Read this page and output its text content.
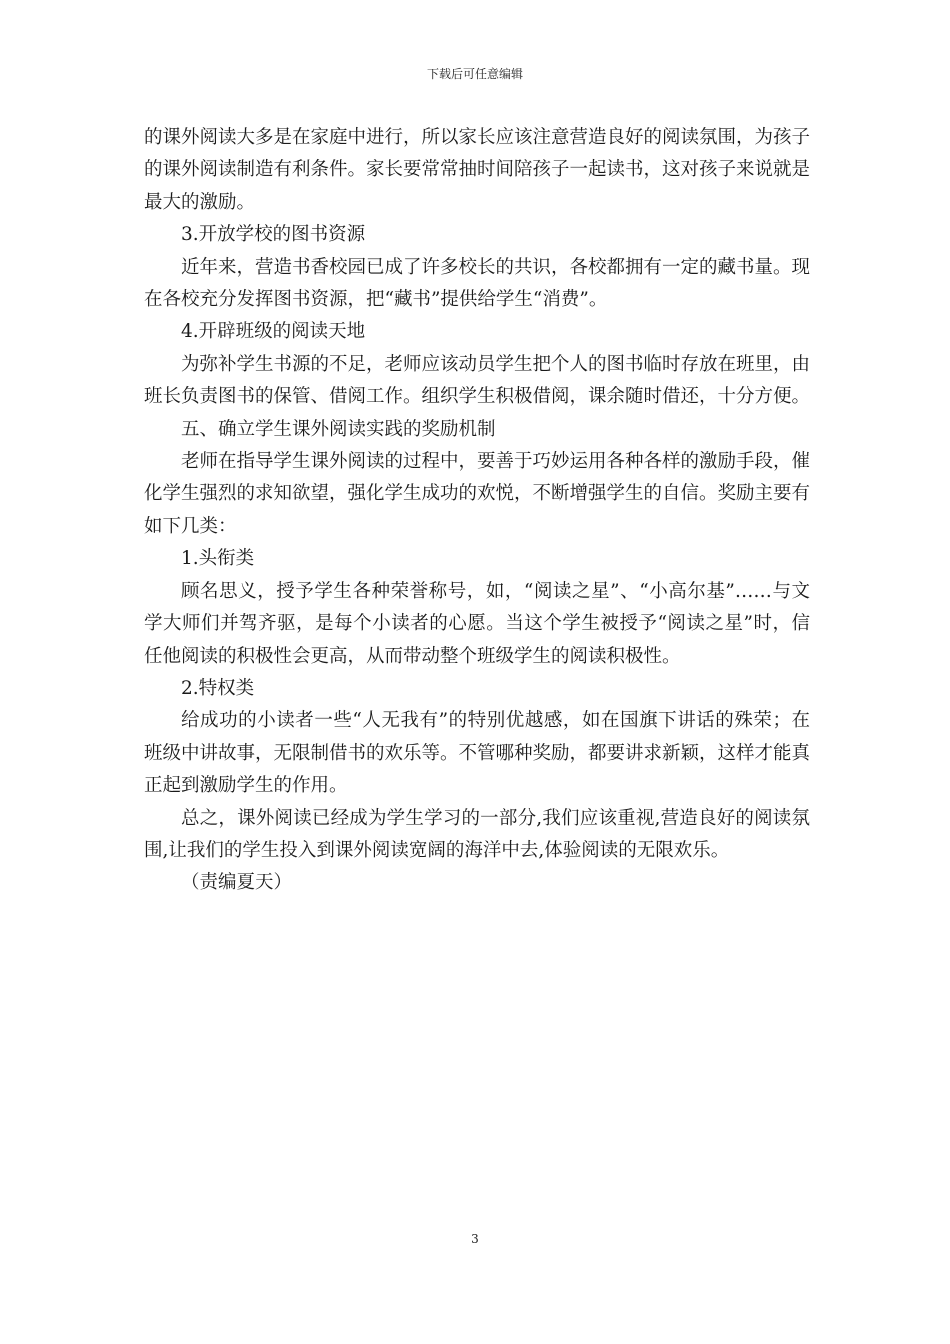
下载后可任意编辑

的课外阅读大多是在家庭中进行，所以家长应该注意营造良好的阅读氛围，为孩子的课外阅读制造有利条件。家长要常常抽时间陪孩子一起读书，这对孩子来说就是最大的激励。

3.开放学校的图书资源

近年来，营造书香校园已成了许多校长的共识，各校都拥有一定的藏书量。现在各校充分发挥图书资源，把“藏书”提供给学生“消费”。

4.开辟班级的阅读天地

为弥补学生书源的不足，老师应该动员学生把个人的图书临时存放在班里，由班长负责图书的保管、借阅工作。组织学生积极借阅，课余随时借还，十分方便。

五、确立学生课外阅读实践的奖励机制

老师在指导学生课外阅读的过程中，要善于巧妙运用各种各样的激励手段，催化学生强烈的求知欲望，强化学生成功的欢悦，不断增强学生的自信。奖励主要有如下几类：

1.头衔类

顾名思义，授予学生各种荣誉称号，如，“阅读之星”、“小高尔基”……与文学大师们并驾齐驱，是每个小读者的心愿。当这个学生被授予“阅读之星”时，信任他阅读的积极性会更高，从而带动整个班级学生的阅读积极性。

2.特权类

给成功的小读者一些“人无我有”的特别优越感，如在国旗下讲话的殊荣；在班级中讲故事，无限制借书的欢乐等。不管哪种奖励，都要讲求新颖，这样才能真正起到激励学生的作用。

总之，课外阅读已经成为学生学习的一部分,我们应该重视,营造良好的阅读氛围,让我们的学生投入到课外阅读宽阔的海洋中去,体验阅读的无限欢乐。

（责编夏天）

3
